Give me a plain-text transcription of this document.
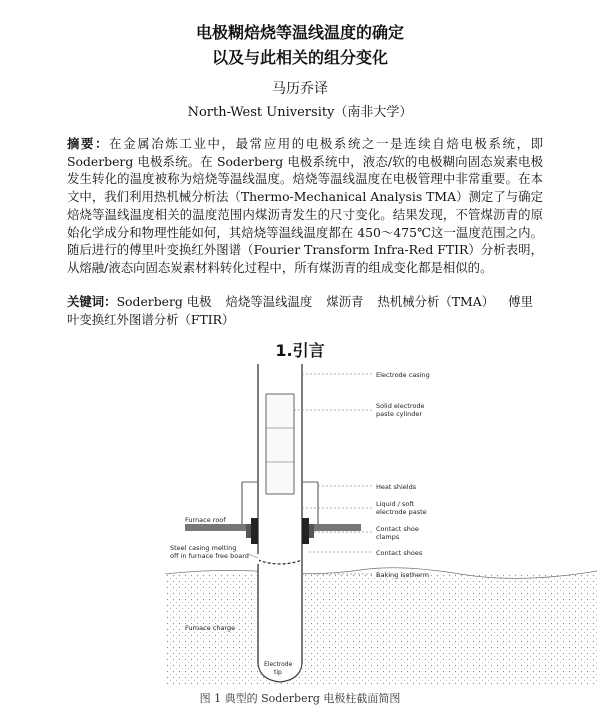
电极糊焙烧等温线温度的确定
以及与此相关的组分变化
马历乔译
North-West University（南非大学）
摘要：在金属冶炼工业中，最常应用的电极系统之一是连续自焙电极系统，即 Soderberg 电极系统。在 Soderberg 电极系统中，液态/软的电极糊向固态炭素电极发生转化的温度被称为焙烧等温线温度。焙烧等温线温度在电极管理中非常重要。在本文中，我们利用热机械分析法（Thermo-Mechanical Analysis TMA）测定了与确定焙烧等温线温度相关的温度范围内煤沥青发生的尺寸变化。结果发现，不管煤沥青的原始化学成分和物理性能如何，其焙烧等温线温度都在 450～475℃这一温度范围之内。随后进行的傅里叶变换红外图谱（Fourier Transform Infra-Red FTIR）分析表明，从熔融/液态向固态炭素材料转化过程中，所有煤沥青的组成变化都是相似的。
关键词：Soderberg 电极 焙烧等温线温度 煤沥青 热机械分析（TMA） 傅里叶变换红外图谱分析（FTIR）
1.引言
Electrode casing
Solid electrode
paste cylinder
Heat shields
Liquid / soft
electrode paste
Contact shoe
clamps
Contact shoes
Baking isotherm
Furnace roof
Steel casing melting
off in furnace free board
Furnace charge
Electrode
tip
图 1 典型的 Soderberg 电极柱截面简图
